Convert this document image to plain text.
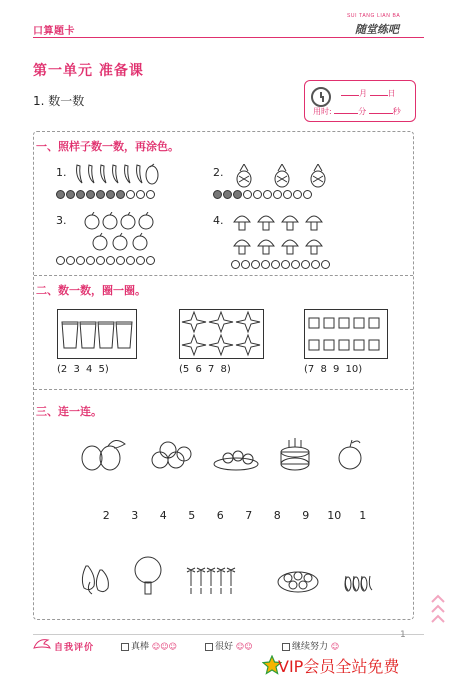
口算题卡
SUI TANG LIAN BA
随堂练吧
第一单元 准备课
1. 数一数
月	日
用时:	分	秒
一、照样子数一数，再涂色。
1.	2.
3.	4.
二、数一数，圈一圈。
(2 3 4 5)	(5 6 7 8)	(7 8 9 10)
三、连一连。
2	3	4	5	6	7	8	9	10	1
自我评价	真棒 ☺☺☺	很好 ☺☺	继续努力 ☺
1
VIP会员全站免费
